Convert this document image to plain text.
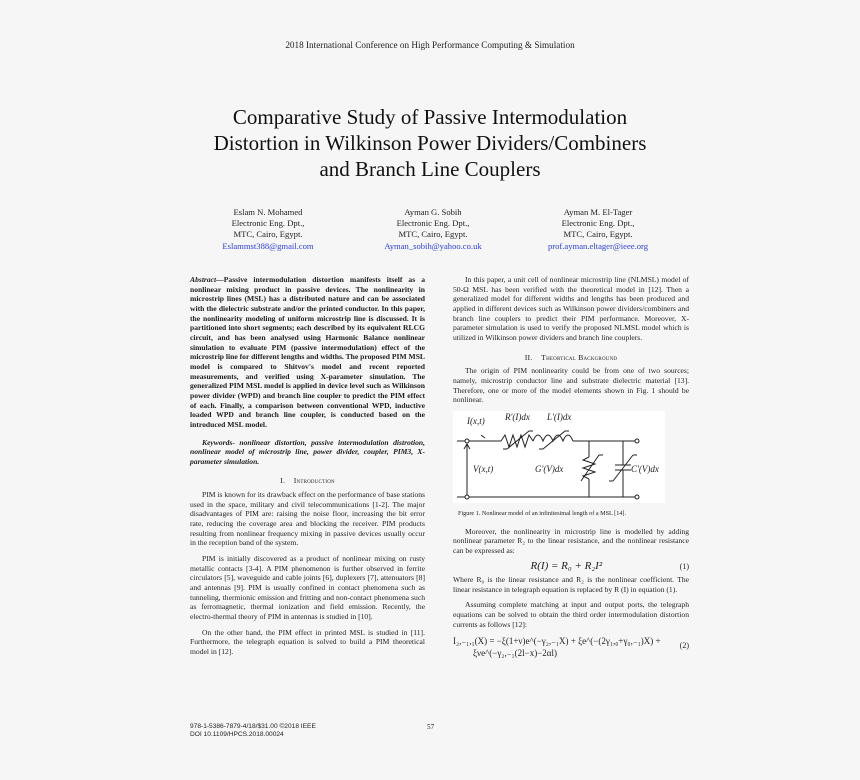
2018 International Conference on High Performance Computing & Simulation
Comparative Study of Passive Intermodulation
Distortion in Wilkinson Power Dividers/Combiners
and Branch Line Couplers
Eslam N. Mohamed
Electronic Eng. Dpt.,
MTC, Cairo, Egypt.
Eslammst388@gmail.com
Ayman G. Sobih
Electronic Eng. Dpt.,
MTC, Cairo, Egypt.
Ayman_sobih@yahoo.co.uk
Ayman M. El-Tager
Electronic Eng. Dpt.,
MTC, Cairo, Egypt.
prof.ayman.eltager@ieee.org

Abstract—Passive intermodulation distortion manifests itself as a nonlinear mixing product in passive devices. The nonlinearity in microstrip lines (MSL) has a distributed nature and can be associated with the dielectric substrate and/or the printed conductor. In this paper, the nonlinearity modeling of uniform microstrip line is discussed. It is partitioned into short segments; each described by its equivalent RLCG circuit, and has been analysed using Harmonic Balance nonlinear simulation to evaluate PIM (passive intermodulation) effect of the microstrip line for different lengths and widths. The proposed PIM MSL model is compared to Shitvov's model and recent reported measurements, and verified using X-parameter simulation. The generalized PIM MSL model is applied in device level such as Wilkinson power divider (WPD) and branch line coupler to predict the PIM effect of each. Finally, a comparison between conventional WPD, inductive loaded WPD and branch line coupler, is conducted based on the introduced MSL model.

Keywords- nonlinear distortion, passive intermodulation distrotion, nonlinear model of microstrip line, power divider, coupler, PIM3, X-parameter simulation.

I. Introduction

PIM is known for its drawback effect on the performance of base stations used in the space, military and civil telecommunications [1-2]. The major disadvantages of PIM are: raising the noise floor, increasing the bit error rate, reducing the coverage area and blocking the receiver. PIM products resulting from nonlinear frequency mixing in passive devices usually occur in the reception band of the system.

PIM is initially discovered as a product of nonlinear mixing on rusty metallic contacts [3-4]. A PIM phenomenon is further observed in ferrite circulators [5], waveguide and cable joints [6], duplexers [7], attenuators [8] and antennas [9]. PIM is usually confined in contact phenomena such as tunneling, thermionic emission and fritting and non-contact phenomena such as ferromagnetic, thermal ionization and field emission. Recently, the electro-thermal theory of PIM in antennas is studied in [10].

On the other hand, the PIM effect in printed MSL is studied in [11]. Furthermore, the telegraph equation is solved to build a PIM theoretical model in [12].

In this paper, a unit cell of nonlinear microstrip line (NLMSL) model of 50-Ω MSL has been verified with the theoretical model in [12]. Then a generalized model for different widths and lengths has been produced and applied in different devices such as Wilkinson power dividers/combiners and branch line couplers to predict their PIM performance. Moreover, X-parameter simulation is used to verify the proposed NLMSL model which is utilized in Wilkinson power dividers and branch line couplers.

II. Theortical Background

The origin of PIM nonlinearity could be from one of two sources; namely, microstrip conductor line and substrate dielectric material [13]. Therefore, one or more of the model elements shown in Fig. 1 should be nonlinear.

I(x,t) R'(I)dx L'(I)dx
V(x,t)	G'(V)dx	C'(V)dx
Figure 1. Nonlinear model of an infinitesimal length of a MSL [14].

Moreover, the nonlinearity in microstrip line is modelled by adding nonlinear parameter R₂ to the linear resistance, and the nonlinear resistance can be expressed as:

R(I) = R₀ + R₂I²	(1)

Where R₀ is the linear resistance and R₂ is the nonlinear coefficient. The linear resistance in telegraph equation is replaced by R (I) in equation (1).

Assuming complete matching at input and output ports, the telegraph equations can be solved to obtain the third order intermodulation distortion currents as follows [12]:

I₂,₋₁,₁(X) = −ξ(1+ν)e^(−γ₂,₋₁X) + ξe^(−(2γ₁,₀+γ₀,₋₁)X) +
ξνe^(−γ₂,₋₁(2l−x)−2αl)
(2)
978-1-5386-7879-4/18/$31.00 ©2018 IEEE
DOI 10.1109/HPCS.2018.00024
57
